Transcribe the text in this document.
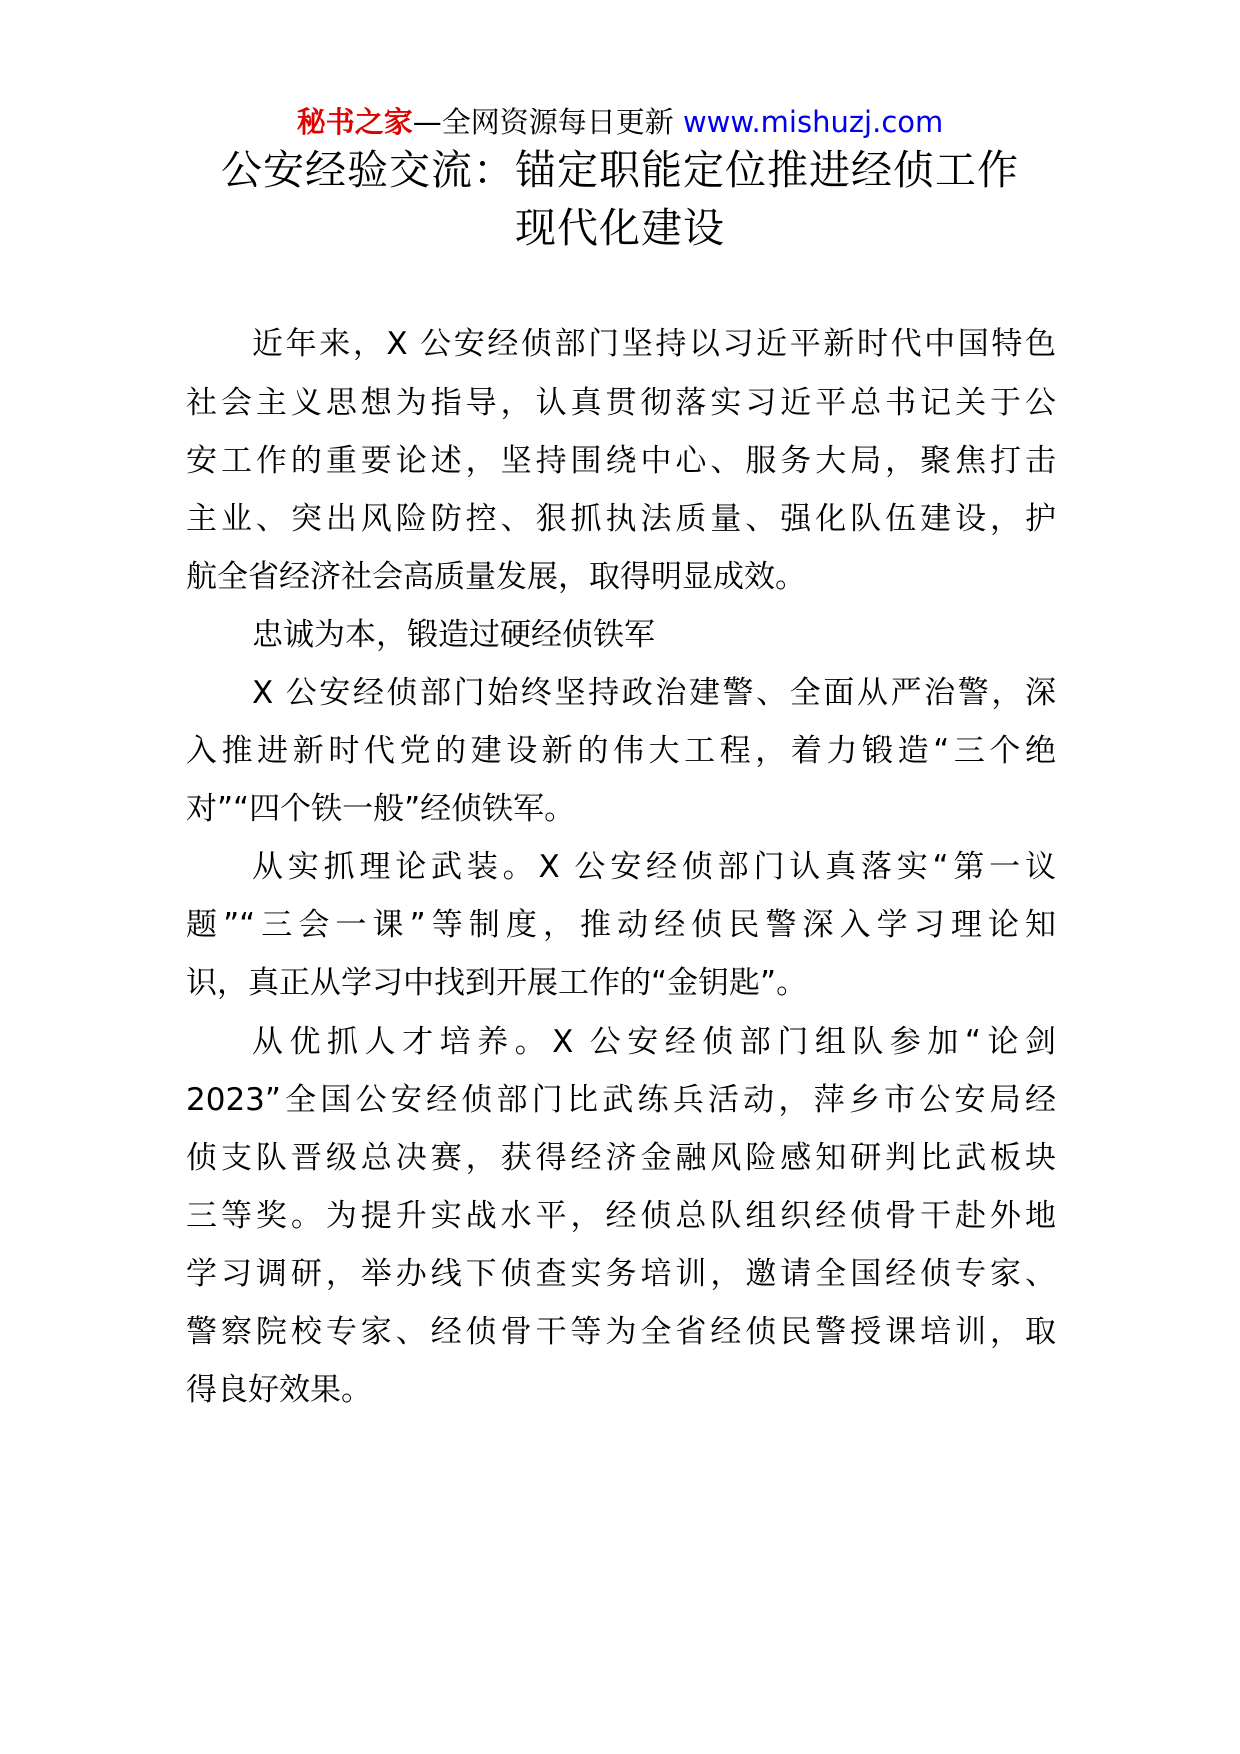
秘书之家—全网资源每日更新 www.mishuzj.com
公安经验交流：锚定职能定位推进经侦工作
现代化建设
近年来，X 公安经侦部门坚持以习近平新时代中国特色
社会主义思想为指导，认真贯彻落实习近平总书记关于公
安工作的重要论述，坚持围绕中心、服务大局，聚焦打击
主业、突出风险防控、狠抓执法质量、强化队伍建设，护
航全省经济社会高质量发展，取得明显成效。
忠诚为本，锻造过硬经侦铁军
X 公安经侦部门始终坚持政治建警、全面从严治警，深
入推进新时代党的建设新的伟大工程，着力锻造“三个绝
对”“四个铁一般”经侦铁军。
从实抓理论武装。X 公安经侦部门认真落实“第一议
题”“三会一课”等制度，推动经侦民警深入学习理论知
识，真正从学习中找到开展工作的“金钥匙”。
从优抓人才培养。X 公安经侦部门组队参加“论剑
2023”全国公安经侦部门比武练兵活动，萍乡市公安局经
侦支队晋级总决赛，获得经济金融风险感知研判比武板块
三等奖。为提升实战水平，经侦总队组织经侦骨干赴外地
学习调研，举办线下侦查实务培训，邀请全国经侦专家、
警察院校专家、经侦骨干等为全省经侦民警授课培训，取
得良好效果。
